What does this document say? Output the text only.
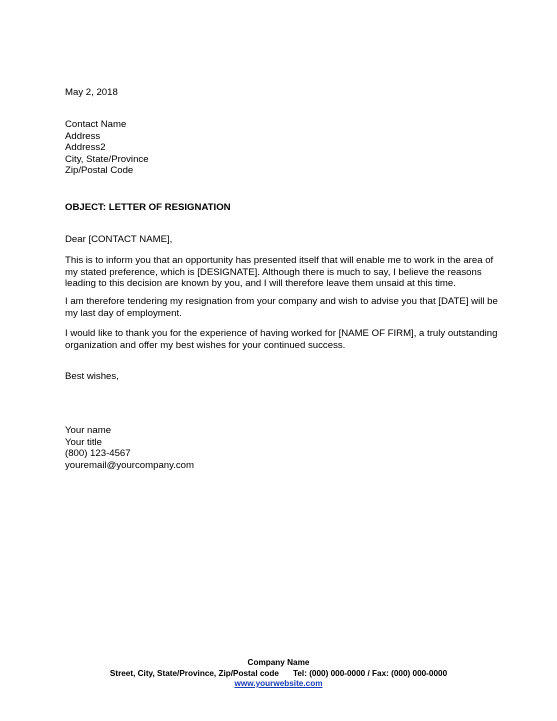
May 2, 2018
Contact Name
Address
Address2
City, State/Province
Zip/Postal Code
OBJECT: LETTER OF RESIGNATION
Dear [CONTACT NAME],
This is to inform you that an opportunity has presented itself that will enable me to work in the area of my stated preference, which is [DESIGNATE]. Although there is much to say, I believe the reasons leading to this decision are known by you, and I will therefore leave them unsaid at this time.
I am therefore tendering my resignation from your company and wish to advise you that [DATE] will be my last day of employment.
I would like to thank you for the experience of having worked for [NAME OF FIRM], a truly outstanding organization and offer my best wishes for your continued success.
Best wishes,
Your name
Your title
(800) 123-4567
youremail@yourcompany.com
Company Name
Street, City, State/Province, Zip/Postal code Tel: (000) 000-0000 / Fax: (000) 000-0000
www.yourwebsite.com
